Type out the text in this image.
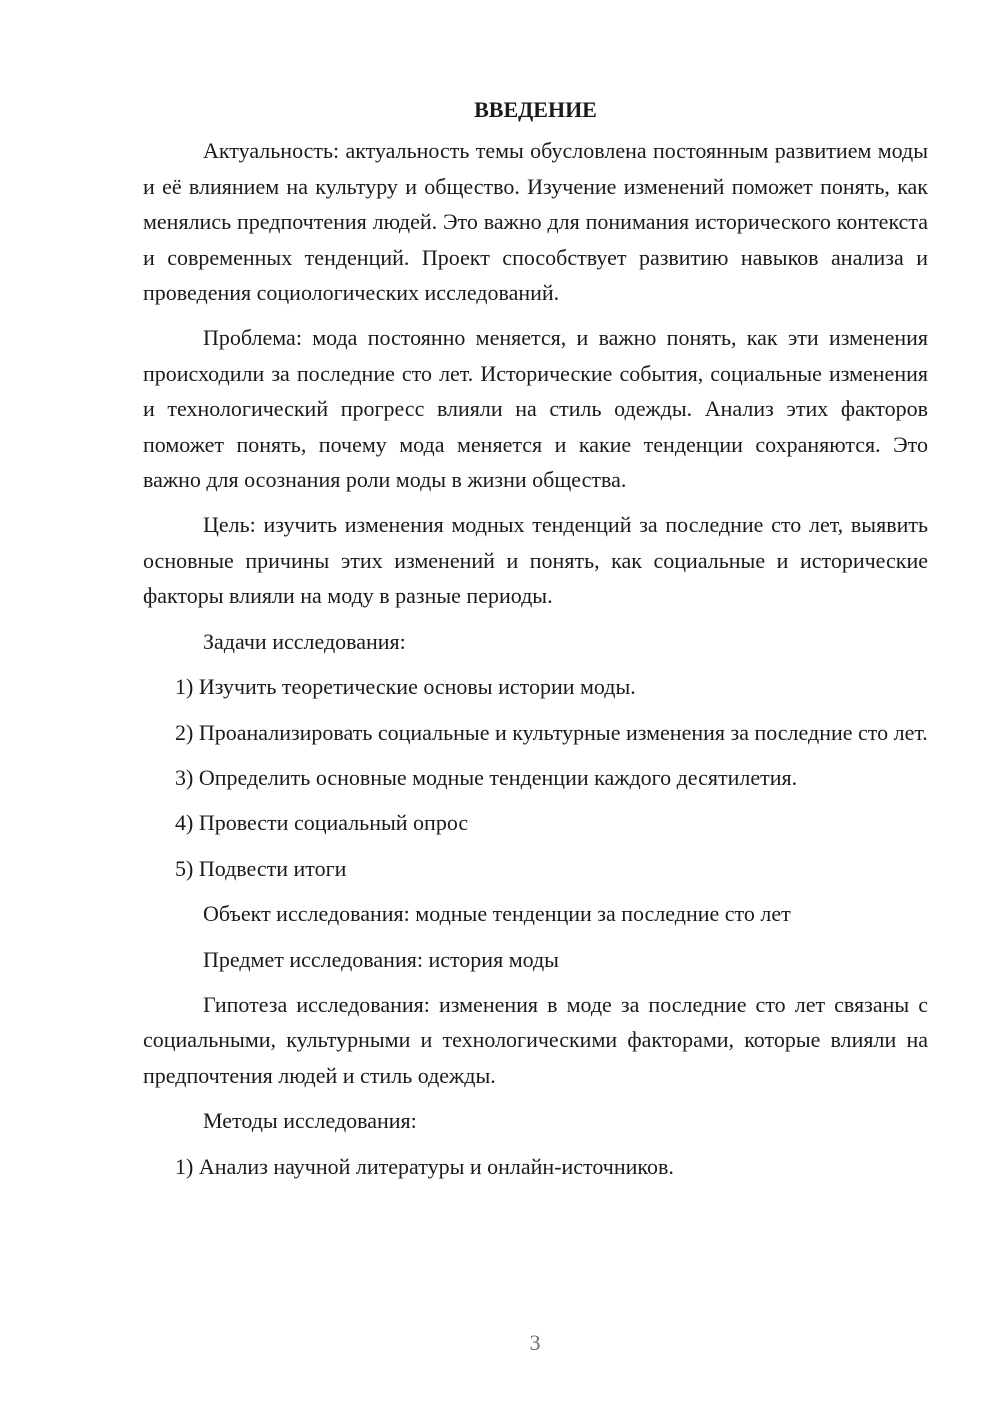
ВВЕДЕНИЕ

Актуальность: актуальность темы обусловлена постоянным развитием моды и её влиянием на культуру и общество. Изучение изменений поможет понять, как менялись предпочтения людей. Это важно для понимания исторического контекста и современных тенденций. Проект способствует развитию навыков анализа и проведения социологических исследований.

Проблема: мода постоянно меняется, и важно понять, как эти изменения происходили за последние сто лет. Исторические события, социальные изменения и технологический прогресс влияли на стиль одежды. Анализ этих факторов поможет понять, почему мода меняется и какие тенденции сохраняются. Это важно для осознания роли моды в жизни общества.

Цель: изучить изменения модных тенденций за последние сто лет, выявить основные причины этих изменений и понять, как социальные и исторические факторы влияли на моду в разные периоды.

Задачи исследования:

1) Изучить теоретические основы истории моды.

2) Проанализировать социальные и культурные изменения за последние сто лет.

3) Определить основные модные тенденции каждого десятилетия.

4) Провести социальный опрос

5) Подвести итоги

Объект исследования: модные тенденции за последние сто лет

Предмет исследования: история моды

Гипотеза исследования: изменения в моде за последние сто лет связаны с социальными, культурными и технологическими факторами, которые влияли на предпочтения людей и стиль одежды.

Методы исследования:

1) Анализ научной литературы и онлайн-источников.

3
